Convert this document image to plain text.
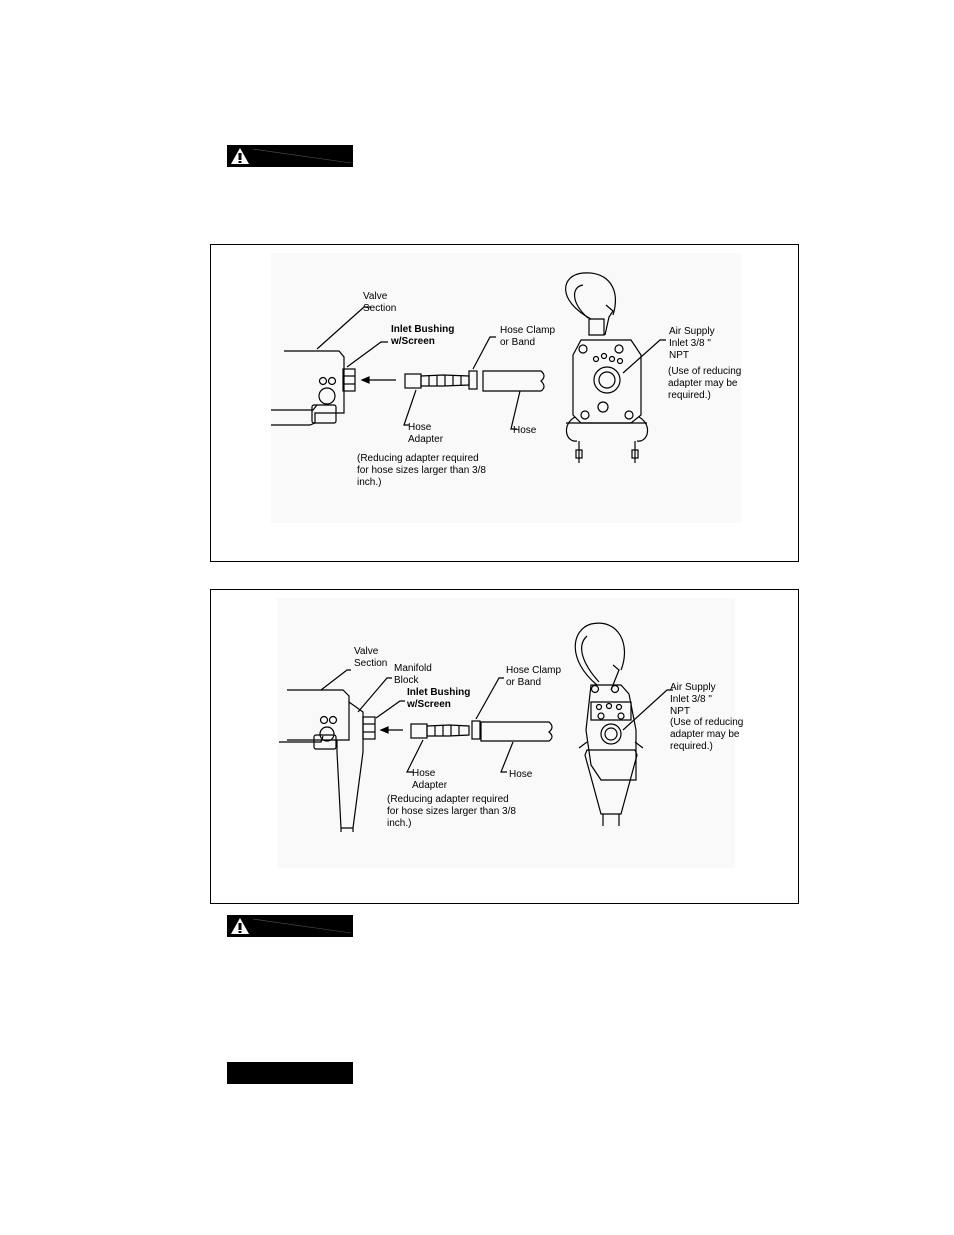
Valve
Section
Inlet Bushing
w/Screen
Hose Clamp
or Band
Air Supply
Inlet 3/8 "
NPT
(Use of reducing
adapter may be
required.)
Hose
Adapter
Hose
(Reducing adapter required
for hose sizes larger than 3/8
inch.)
Valve
Section Manifold
Block
Inlet Bushing
w/Screen
Hose Clamp
or Band	Air Supply
Inlet 3/8 "
NPT
(Use of reducing
adapter may be
required.)
Hose
Adapter
Hose
(Reducing adapter required
for hose sizes larger than 3/8
inch.)
